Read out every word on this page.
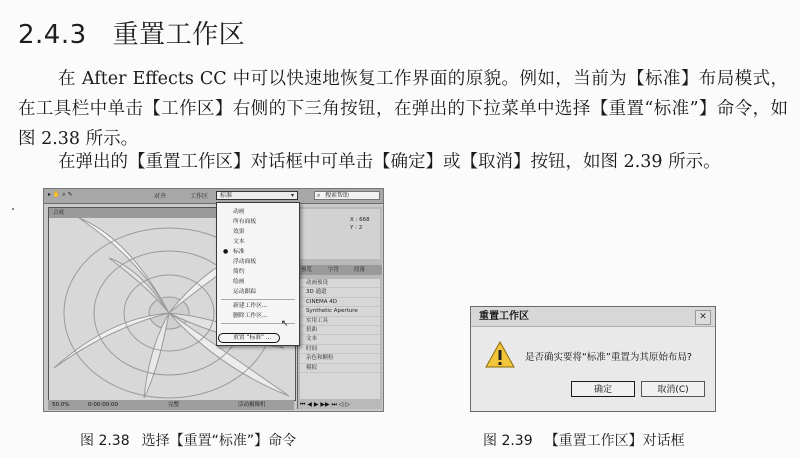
2.4.3 重置工作区
在 After Effects CC 中可以快速地恢复工作界面的原貌。例如，当前为【标准】布局模式，在工具栏中单击【工作区】右侧的下三角按钮，在弹出的下拉菜单中选择【重置“标准”】命令，如图 2.38 所示。
在弹出的【重置工作区】对话框中可单击【确定】或【取消】按钮，如图 2.39 所示。
▸ ✋ ⌕ ✎	对齐	工作区	标准	▾	⌕ 搜索帮助
合成
50.0%	0:00:00:00	完整	活动摄像机
X : 668
Y : 2
预览	字符	段落
动画预设
3D 通道
CINEMA 4D
Synthetic Aperture
实用工具
扭曲
文本
时间
杂色和颗粒
模拟
⏮ ◀ ▶ ▶▶ ⏭ ◁ ▷
动画
所有面板
效果
文本
● 标准
浮动面板
简约
绘画
运动跟踪
新建工作区...
删除工作区...
重置 “标准” ...
↖
重置工作区	✕
是否确实要将“标准”重置为其原始布局?
确定	取消(C)
图 2.38 选择【重置“标准”】命令	图 2.39 【重置工作区】对话框
